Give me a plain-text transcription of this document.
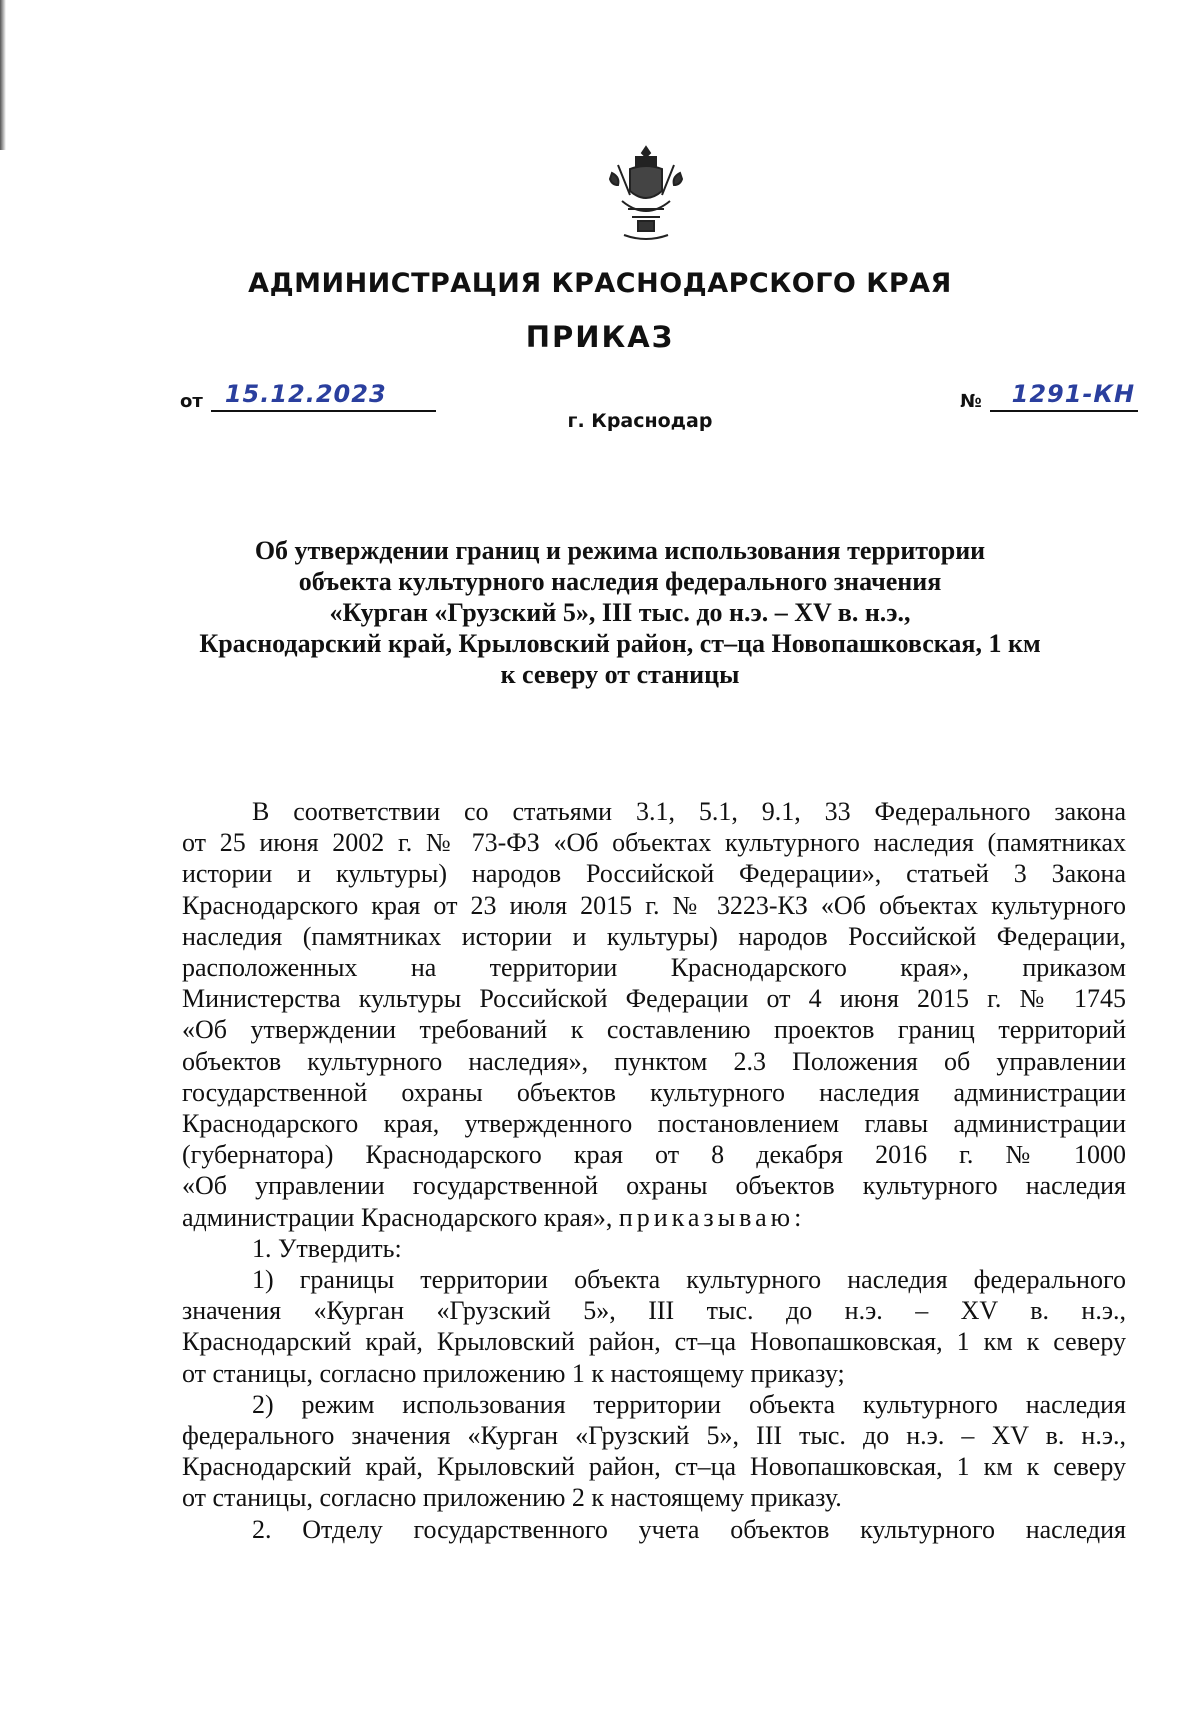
АДМИНИСТРАЦИЯ КРАСНОДАРСКОГО КРАЯ
ПРИКАЗ
от 15.12.2023	№ 1291-КН
г. Краснодар
Об утверждении границ и режима использования территории
объекта культурного наследия федерального значения
«Курган «Грузский 5», III тыс. до н.э. – XV в. н.э.,
Краснодарский край, Крыловский район, ст–ца Новопашковская, 1 км
к северу от станицы
В соответствии со статьями 3.1, 5.1, 9.1, 33 Федерального закона
от 25 июня 2002 г. № 73-ФЗ «Об объектах культурного наследия (памятниках
истории и культуры) народов Российской Федерации», статьей 3 Закона
Краснодарского края от 23 июля 2015 г. № 3223-КЗ «Об объектах культурного
наследия (памятниках истории и культуры) народов Российской Федерации,
расположенных на территории Краснодарского края», приказом
Министерства культуры Российской Федерации от 4 июня 2015 г. № 1745
«Об утверждении требований к составлению проектов границ территорий
объектов культурного наследия», пунктом 2.3 Положения об управлении
государственной охраны объектов культурного наследия администрации
Краснодарского края, утвержденного постановлением главы администрации
(губернатора) Краснодарского края от 8 декабря 2016 г. № 1000
«Об управлении государственной охраны объектов культурного наследия
администрации Краснодарского края», приказываю:
1. Утвердить:
1) границы территории объекта культурного наследия федерального
значения «Курган «Грузский 5», III тыс. до н.э. – XV в. н.э.,
Краснодарский край, Крыловский район, ст–ца Новопашковская, 1 км к северу
от станицы, согласно приложению 1 к настоящему приказу;
2) режим использования территории объекта культурного наследия
федерального значения «Курган «Грузский 5», III тыс. до н.э. – XV в. н.э.,
Краснодарский край, Крыловский район, ст–ца Новопашковская, 1 км к северу
от станицы, согласно приложению 2 к настоящему приказу.
2. Отделу государственного учета объектов культурного наследия
